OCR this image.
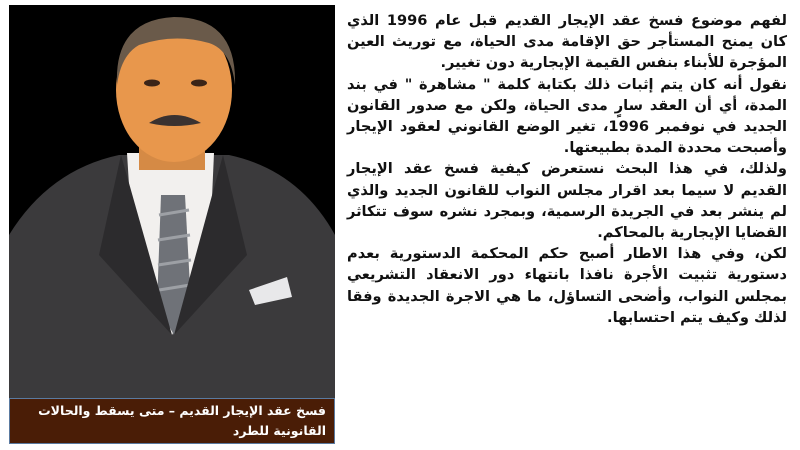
فسخ عقد الإيجار القديم – متى يسقط والحالات القانونية للطرد

لفهم موضوع فسخ عقد الإيجار القديم قبل عام 1996 الذي كان يمنح المستأجر حق الإقامة مدى الحياة، مع توريث العين المؤجرة للأبناء بنفس القيمة الإيجارية دون تغيير.

نقول أنه كان يتم إثبات ذلك بكتابة كلمة " مشاهرة " في بند المدة، أي أن العقد سارٍ مدى الحياة، ولكن مع صدور القانون الجديد في نوفمبر 1996، تغير الوضع القانوني لعقود الإيجار وأصبحت محددة المدة بطبيعتها.

ولذلك، في هذا البحث نستعرض كيفية فسخ عقد الإيجار القديم لا سيما بعد اقرار مجلس النواب للقانون الجديد والذي لم ينشر بعد في الجريدة الرسمية، وبمجرد نشره سوف تتكاثر القضايا الإيجارية بالمحاكم.

لكن، وفي هذا الاطار أصبح حكم المحكمة الدستورية بعدم دستورية تثبيت الأجرة نافذا بانتهاء دور الانعقاد التشريعي بمجلس النواب، وأضحى التساؤل، ما هي الاجرة الجديدة وفقا لذلك وكيف يتم احتسابها.
